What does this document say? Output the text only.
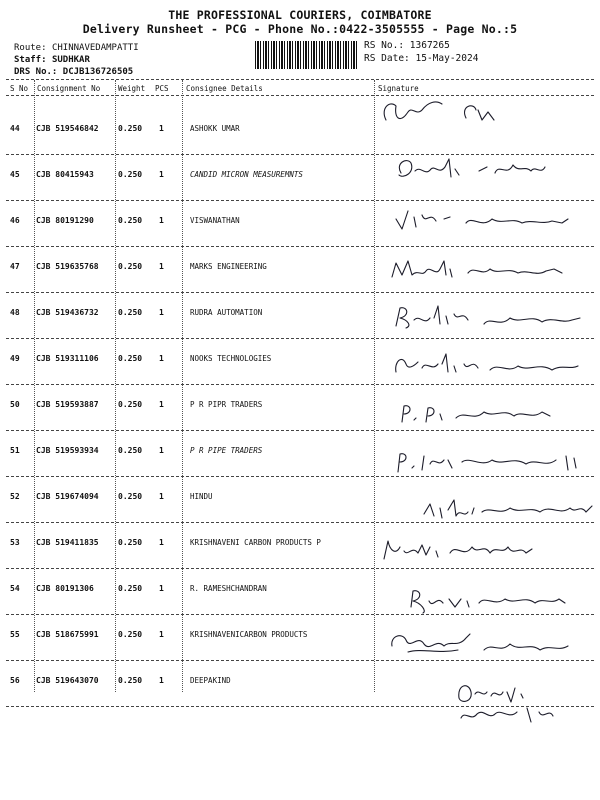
THE PROFESSIONAL COURIERS, COIMBATORE
Delivery Runsheet - PCG - Phone No.:0422-3505555 - Page No.:5
Route: CHINNAVEDAMPATTI
Staff: SUDHKAR
DRS No.: DCJB136726505
RS No.: 1367265
RS Date: 15-May-2024
S No Consignment No Weight PCS Consignee Details	Signature
44 CJB 519546842 0.250 1	ASHOKK UMAR
45 CJB 80415943	0.250 1	CANDID MICRON MEASUREMNTS
46 CJB 80191290	0.250 1	VISWANATHAN
47 CJB 519635768 0.250 1	MARKS ENGINEERING
48 CJB 519436732 0.250 1	RUDRA AUTOMATION
49 CJB 519311106 0.250 1	NOOKS TECHNOLOGIES
50 CJB 519593887 0.250 1	P R PIPR TRADERS
51 CJB 519593934 0.250 1	P R PIPE TRADERS
52 CJB 519674094 0.250 1	HINDU
53 CJB 519411835 0.250 1	KRISHNAVENI CARBON PRODUCTS P
54 CJB 80191306	0.250 1	R. RAMESHCHANDRAN
55 CJB 518675991 0.250 1	KRISHNAVENICARBON PRODUCTS
56 CJB 519643070 0.250 1	DEEPAKIND
